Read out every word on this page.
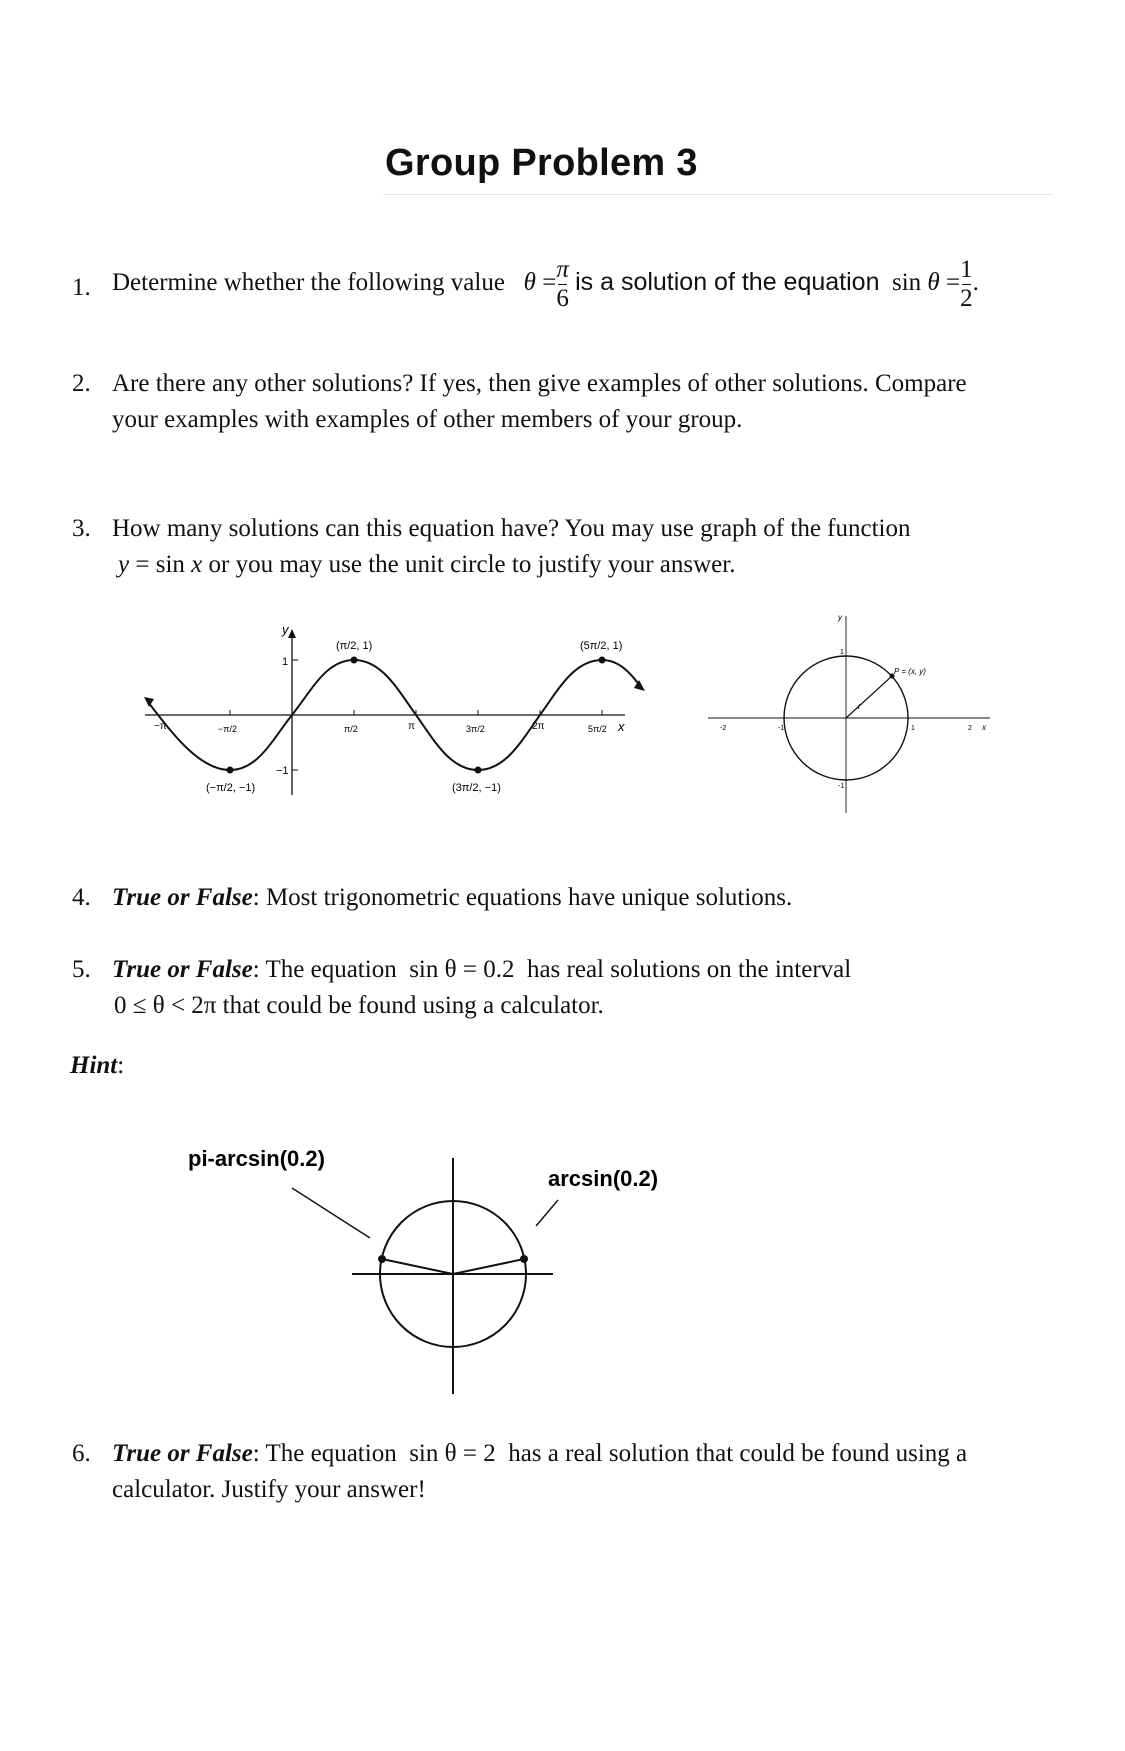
Group Problem 3
1. Determine whether the following value $\theta = \frac{\pi}{6}$ is a solution of the equation $\sin \theta = \frac{1}{2}$ .
2. Are there any other solutions? If yes, then give examples of other solutions. Compare
your examples with examples of other members of your group.
3. How many solutions can this equation have? You may use graph of the function
y = sin x or you may use the unit circle to justify your answer.
y
x
1
−1
−π	−π/2	π/2	π	3π/2	2π	5π/2
(π/2, 1)	(5π/2, 1)
(−π/2, −1)	(3π/2, −1)
P = (x, y)
t
y
x
-2	-1	1	2
1
-1
4. True or False: Most trigonometric equations have unique solutions.
5. True or False: The equation sin θ = 0.2 has real solutions on the interval
0 ≤ θ < 2π that could be found using a calculator.
Hint:
pi-arcsin(0.2)
arcsin(0.2)
6. True or False: The equation sin θ = 2 has a real solution that could be found using a
calculator. Justify your answer!
